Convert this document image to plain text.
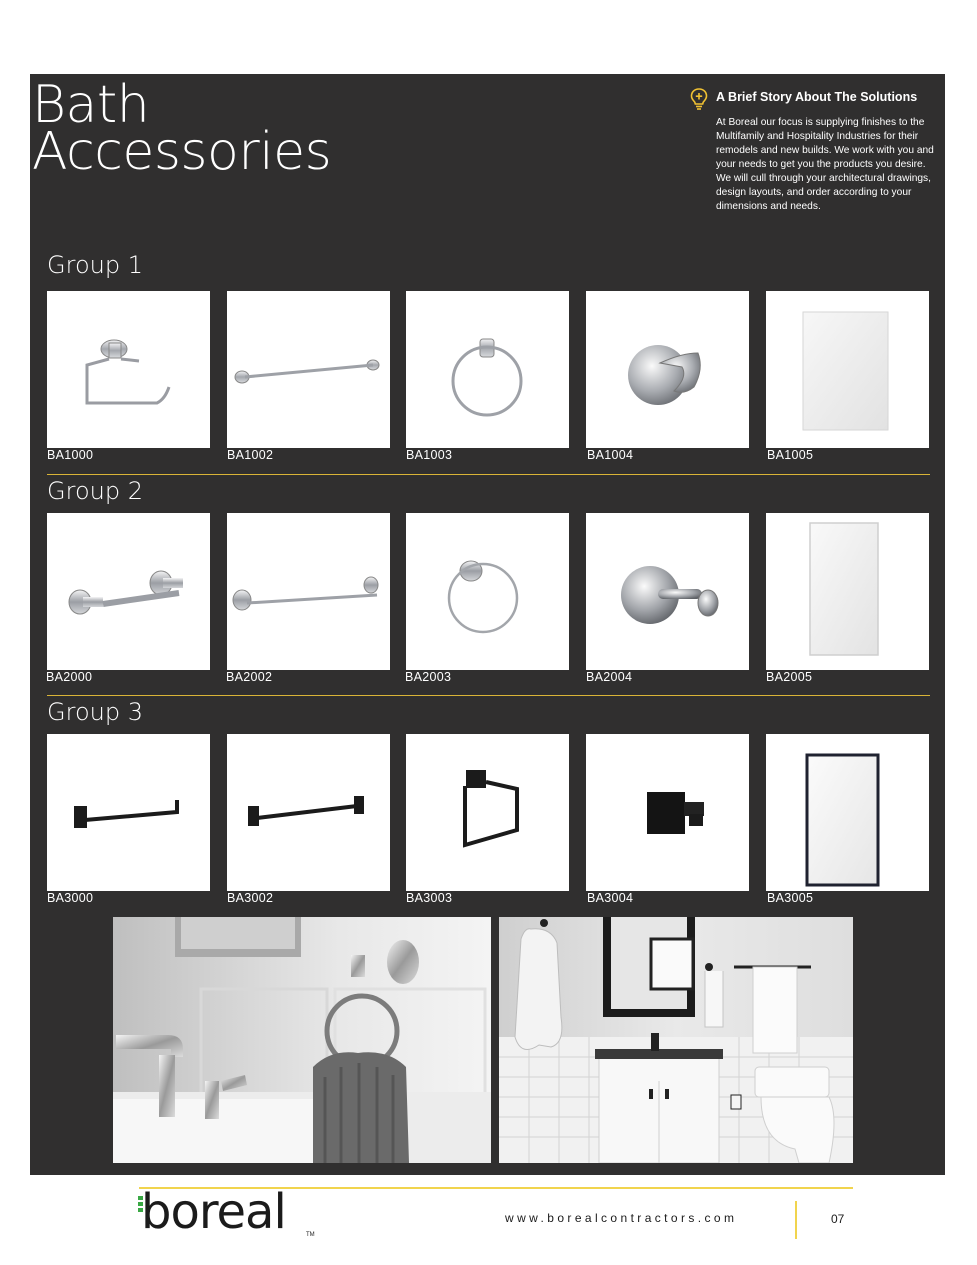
Bath
Accessories
A Brief Story About The Solutions

At Boreal our focus is supplying finishes to the Multifamily and Hospitality Industries for their remodels and new builds. We work with you and your needs to get you the products you desire. We will cull through your architectural drawings, design layouts, and order according to your dimensions and needs.

Group 1
BA1000	BA1002	BA1003	BA1004	BA1005
Group 2
BA2000	BA2002	BA2003	BA2004	BA2005
Group 3
BA3000	BA3002	BA3003	BA3004	BA3005
boreal	TM
www.borealcontractors.com	07
